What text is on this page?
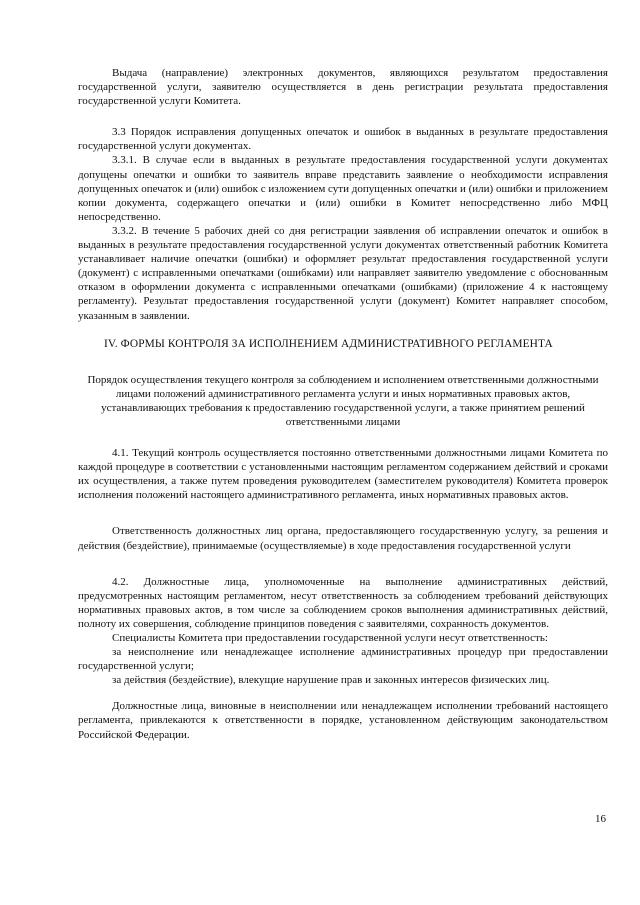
Выдача (направление) электронных документов, являющихся результатом предоставления государственной услуги, заявителю осуществляется в день регистрации результата предоставления государственной услуги Комитета.

3.3 Порядок исправления допущенных опечаток и ошибок в выданных в результате предоставления государственной услуги документах.

3.3.1. В случае если в выданных в результате предоставления государственной услуги документах допущены опечатки и ошибки то заявитель вправе представить заявление о необходимости исправления допущенных опечаток и (или) ошибок с изложением сути допущенных опечатки и (или) ошибки и приложением копии документа, содержащего опечатки и (или) ошибки в Комитет непосредственно либо МФЦ непосредственно.

3.3.2. В течение 5 рабочих дней со дня регистрации заявления об исправлении опечаток и ошибок в выданных в результате предоставления государственной услуги документах ответственный работник Комитета устанавливает наличие опечатки (ошибки) и оформляет результат предоставления государственной услуги (документ) с исправленными опечатками (ошибками) или направляет заявителю уведомление с обоснованным отказом в оформлении документа с исправленными опечатками (ошибками) (приложение 4 к настоящему регламенту). Результат предоставления государственной услуги (документ) Комитет направляет способом, указанным в заявлении.

IV. ФОРМЫ КОНТРОЛЯ ЗА ИСПОЛНЕНИЕМ АДМИНИСТРАТИВНОГО РЕГЛАМЕНТА

Порядок осуществления текущего контроля за соблюдением и исполнением ответственными должностными лицами положений административного регламента услуги и иных нормативных правовых актов, устанавливающих требования к предоставлению государственной услуги, а также принятием решений ответственными лицами

4.1. Текущий контроль осуществляется постоянно ответственными должностными лицами Комитета по каждой процедуре в соответствии с установленными настоящим регламентом содержанием действий и сроками их осуществления, а также путем проведения руководителем (заместителем руководителя) Комитета проверок исполнения положений настоящего административного регламента, иных нормативных правовых актов.

Ответственность должностных лиц органа, предоставляющего государственную услугу, за решения и действия (бездействие), принимаемые (осуществляемые) в ходе предоставления государственной услуги

4.2. Должностные лица, уполномоченные на выполнение административных действий, предусмотренных настоящим регламентом, несут ответственность за соблюдением требований действующих нормативных правовых актов, в том числе за соблюдением сроков выполнения административных действий, полноту их совершения, соблюдение принципов поведения с заявителями, сохранность документов.

Специалисты Комитета при предоставлении государственной услуги несут ответственность:

за неисполнение или ненадлежащее исполнение административных процедур при предоставлении государственной услуги;

за действия (бездействие), влекущие нарушение прав и законных интересов физических лиц.

Должностные лица, виновные в неисполнении или ненадлежащем исполнении требований настоящего регламента, привлекаются к ответственности в порядке, установленном действующим законодательством Российской Федерации.

16
